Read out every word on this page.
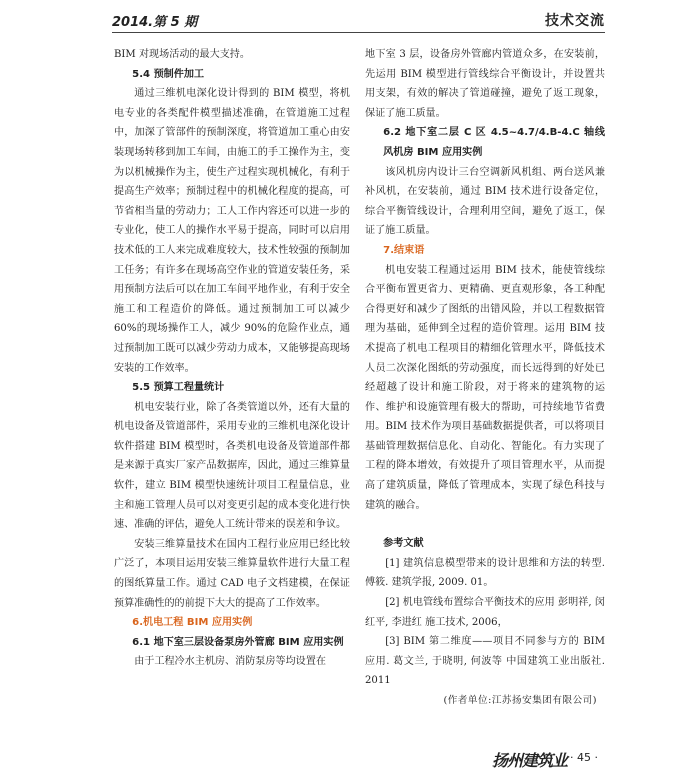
2014.第 5 期	技术交流

BIM 对现场活动的最大支持。

5.4 预制件加工

通过三维机电深化设计得到的 BIM 模型，将机电专业的各类配件模型描述准确，在管道施工过程中，加深了管部件的预制深度，将管道加工重心由安装现场转移到加工车间，由施工的手工操作为主，变为以机械操作为主，使生产过程实现机械化，有利于提高生产效率；预制过程中的机械化程度的提高，可节省相当量的劳动力；工人工作内容还可以进一步的专业化，使工人的操作水平易于提高，同时可以启用技术低的工人来完成难度较大，技术性较强的预制加工任务；有许多在现场高空作业的管道安装任务，采用预制方法后可以在加工车间平地作业，有利于安全施工和工程造价的降低。通过预制加工可以减少 60%的现场操作工人，减少 90%的危险作业点，通过预制加工既可以减少劳动力成本，又能够提高现场安装的工作效率。

5.5 预算工程量统计

机电安装行业，除了各类管道以外，还有大量的机电设备及管道部件，采用专业的三维机电深化设计软件搭建 BIM 模型时，各类机电设备及管道部件都是来源于真实厂家产品数据库，因此，通过三维算量软件，建立 BIM 模型快速统计项目工程量信息，业主和施工管理人员可以对变更引起的成本变化进行快速、准确的评估，避免人工统计带来的误差和争议。

安装三维算量技术在国内工程行业应用已经比较广泛了，本项目运用安装三维算量软件进行大量工程的图纸算量工作。通过 CAD 电子文档建模，在保证预算准确性的的前提下大大的提高了工作效率。

6.机电工程 BIM 应用实例
6.1 地下室三层设备泵房外管廊 BIM 应用实例

由于工程冷水主机房、消防泵房等均设置在

地下室 3 层，设备房外管廊内管道众多，在安装前，先运用 BIM 模型进行管线综合平衡设计，并设置共用支架，有效的解决了管道碰撞，避免了返工现象，保证了施工质量。

6.2 地下室二层 C 区 4.5~4.7/4.B-4.C 轴线风机房 BIM 应用实例

该风机房内设计三台空调新风机组、两台送风兼补风机，在安装前，通过 BIM 技术进行设备定位，综合平衡管线设计，合理利用空间，避免了返工，保证了施工质量。

7.结束语

机电安装工程通过运用 BIM 技术，能使管线综合平衡布置更省力、更精确、更直观形象，各工种配合得更好和减少了图纸的出错风险，并以工程数据管理为基础，延伸到全过程的造价管理。运用 BIM 技术提高了机电工程项目的精细化管理水平，降低技术人员二次深化图纸的劳动强度，而长远得到的好处已经超越了设计和施工阶段，对于将来的建筑物的运作、维护和设施管理有极大的帮助，可持续地节省费用。BIM 技术作为项目基础数据提供者，可以将项目基础管理数据信息化、自动化、智能化。有力实现了工程的降本增效，有效提升了项目管理水平，从而提高了建筑质量，降低了管理成本，实现了绿色科技与建筑的融合。

参考文献

[1] 建筑信息模型带来的设计思维和方法的转型. 傅筱. 建筑学报, 2009. 01。

[2] 机电管线布置综合平衡技术的应用 彭明祥, 闵红平, 李进红 施工技术, 2006，

[3] BIM 第二维度——项目不同参与方的 BIM 应用. 葛文兰, 于晓明, 何波等 中国建筑工业出版社. 2011

(作者单位:江苏扬安集团有限公司)
扬州建筑业 · 45 ·
